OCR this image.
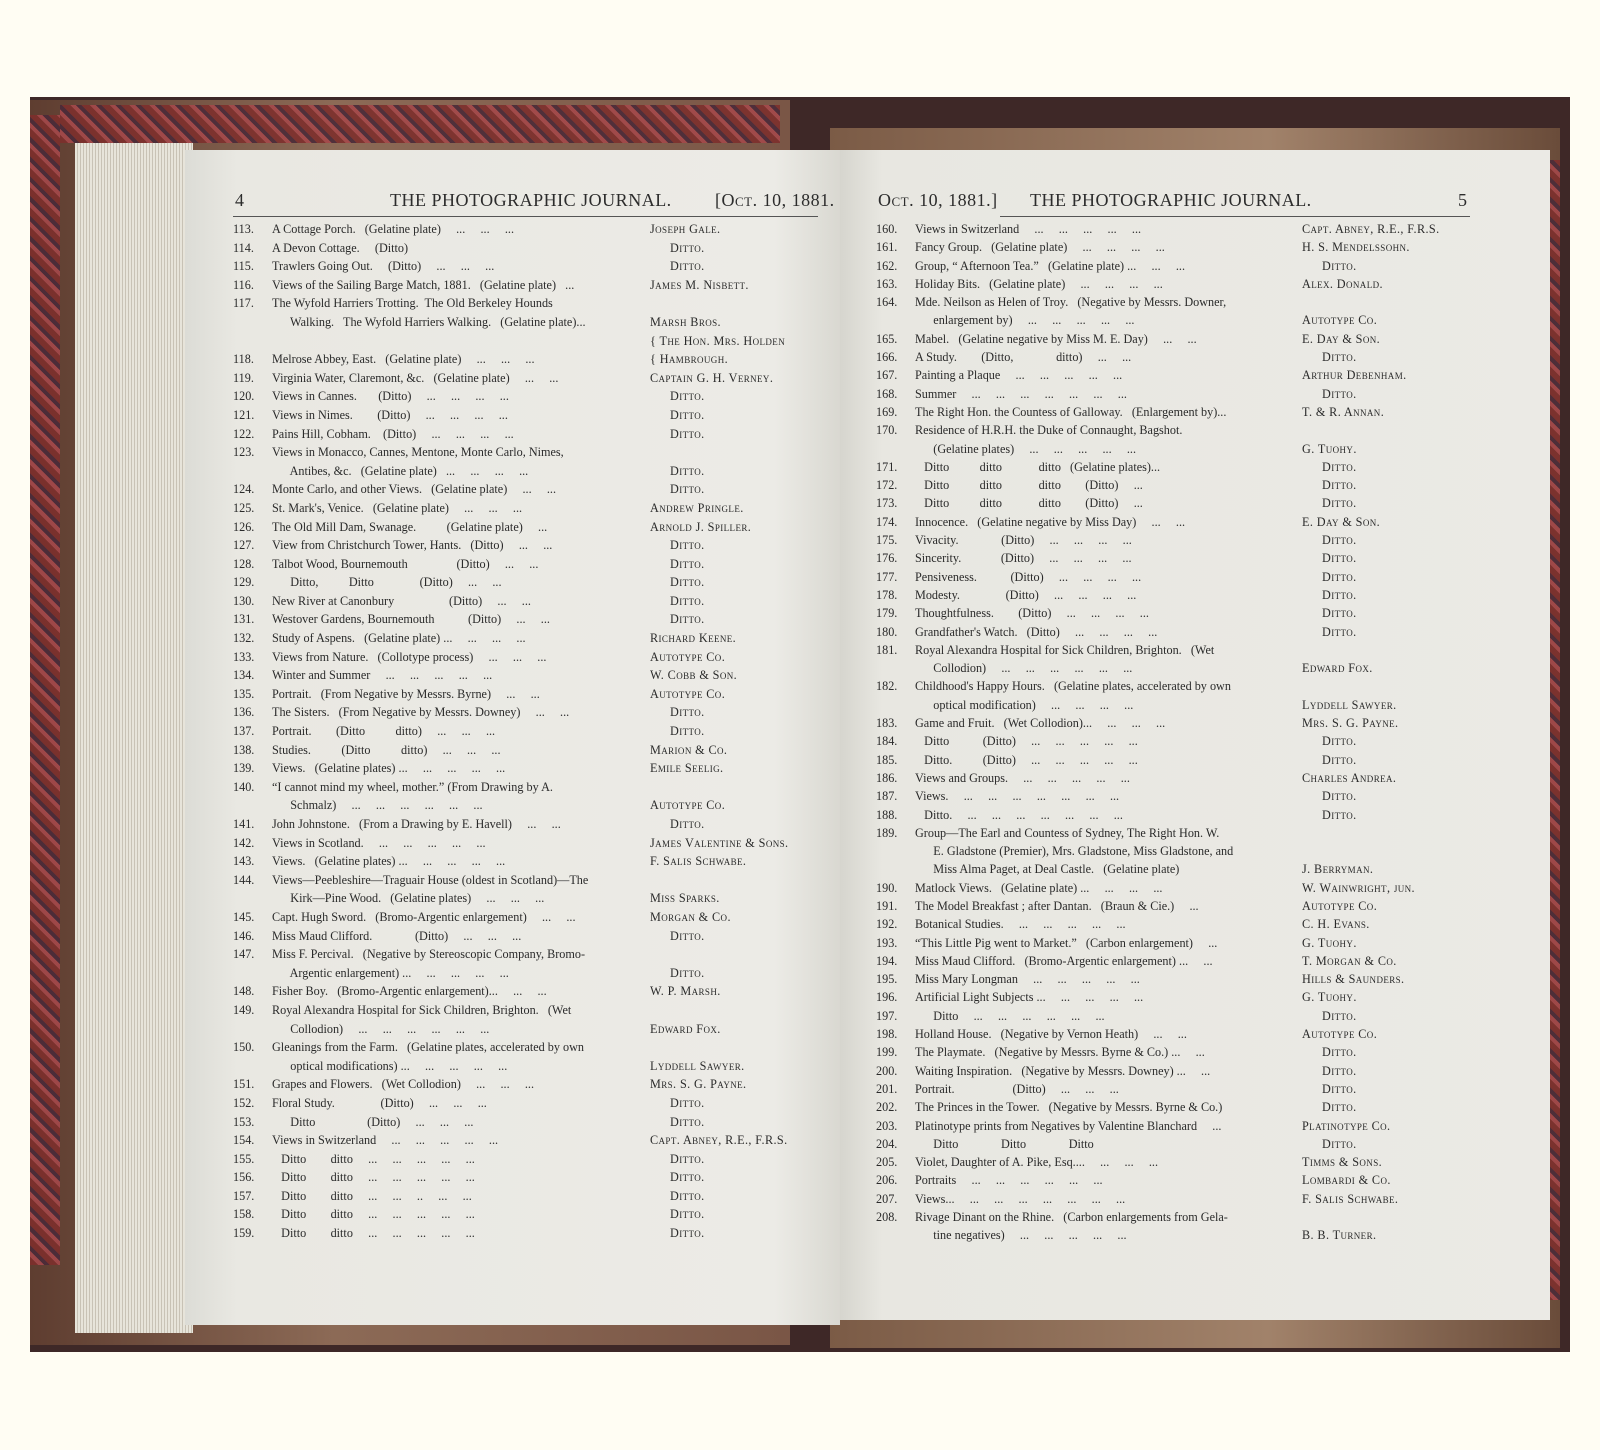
4	THE PHOTOGRAPHIC JOURNAL. [Oct. 10, 1881.
113.	A Cottage Porch.   (Gelatine plate)     ...     ...     ...	Joseph Gale.
114.	A Devon Cottage.     (Ditto)	Ditto.
115.	Trawlers Going Out.     (Ditto)     ...     ...     ...	Ditto.
116.	Views of the Sailing Barge Match, 1881.   (Gelatine plate)   ...	James M. Nisbett.
117.	The Wyfold Harriers Trotting.  The Old Berkeley Hounds
Walking.   The Wyfold Harriers Walking.   (Gelatine plate)...	Marsh Bros.
{ The Hon. Mrs. Holden
118.	Melrose Abbey, East.   (Gelatine plate)     ...     ...     ...	{ Hambrough.
119.	Virginia Water, Claremont, &c.   (Gelatine plate)     ...     ...	Captain G. H. Verney.
120.	Views in Cannes.       (Ditto)     ...     ...     ...     ...	Ditto.
121.	Views in Nimes.        (Ditto)     ...     ...     ...     ...	Ditto.
122.	Pains Hill, Cobham.    (Ditto)     ...     ...     ...     ...	Ditto.
123.	Views in Monacco, Cannes, Mentone, Monte Carlo, Nimes,
Antibes, &c.   (Gelatine plate)   ...     ...     ...     ...	Ditto.
124.	Monte Carlo, and other Views.   (Gelatine plate)     ...     ...	Ditto.
125.	St. Mark's, Venice.   (Gelatine plate)     ...     ...     ...	Andrew Pringle.
126.	The Old Mill Dam, Swanage.          (Gelatine plate)     ...	Arnold J. Spiller.
127.	View from Christchurch Tower, Hants.   (Ditto)     ...     ...	Ditto.
128.	Talbot Wood, Bournemouth                (Ditto)     ...     ...	Ditto.
129.	Ditto,          Ditto               (Ditto)     ...     ...	Ditto.
130.	New River at Canonbury                  (Ditto)     ...     ...	Ditto.
131.	Westover Gardens, Bournemouth           (Ditto)     ...     ...	Ditto.
132.	Study of Aspens.   (Gelatine plate) ...     ...     ...     ...	Richard Keene.
133.	Views from Nature.   (Collotype process)     ...     ...     ...	Autotype Co.
134.	Winter and Summer     ...     ...     ...     ...     ...	W. Cobb & Son.
135.	Portrait.   (From Negative by Messrs. Byrne)     ...     ...	Autotype Co.
136.	The Sisters.   (From Negative by Messrs. Downey)     ...     ...	Ditto.
137.	Portrait.        (Ditto          ditto)     ...     ...     ...	Ditto.
138.	Studies.          (Ditto          ditto)     ...     ...     ...	Marion & Co.
139.	Views.   (Gelatine plates) ...     ...     ...     ...     ...	Emile Seelig.
140.	“I cannot mind my wheel, mother.” (From Drawing by A.
Schmalz)     ...     ...     ...     ...     ...     ...	Autotype Co.
141.	John Johnstone.   (From a Drawing by E. Havell)     ...     ...	Ditto.
142.	Views in Scotland.     ...     ...     ...     ...     ...	James Valentine & Sons.
143.	Views.   (Gelatine plates) ...     ...     ...     ...     ...	F. Salis Schwabe.
144.	Views—Peebleshire—Traguair House (oldest in Scotland)—The
Kirk—Pine Wood.   (Gelatine plates)     ...     ...     ...	Miss Sparks.
145.	Capt. Hugh Sword.   (Bromo-Argentic enlargement)     ...     ...	Morgan & Co.
146.	Miss Maud Clifford.              (Ditto)     ...     ...     ...	Ditto.
147.	Miss F. Percival.   (Negative by Stereoscopic Company, Bromo-
Argentic enlargement) ...     ...     ...     ...     ...	Ditto.
148.	Fisher Boy.   (Bromo-Argentic enlargement)...     ...     ...	W. P. Marsh.
149.	Royal Alexandra Hospital for Sick Children, Brighton.   (Wet
Collodion)     ...     ...     ...     ...     ...     ...	Edward Fox.
150.	Gleanings from the Farm.   (Gelatine plates, accelerated by own
optical modifications) ...     ...     ...     ...     ...	Lyddell Sawyer.
151.	Grapes and Flowers.   (Wet Collodion)     ...     ...     ...	Mrs. S. G. Payne.
152.	Floral Study.               (Ditto)     ...     ...     ...	Ditto.
153.	Ditto                 (Ditto)     ...     ...     ...	Ditto.
154.	Views in Switzerland     ...     ...     ...     ...     ...	Capt. Abney, R.E., F.R.S.
155.	Ditto        ditto     ...     ...     ...     ...     ...	Ditto.
156.	Ditto        ditto     ...     ...     ...     ...     ...	Ditto.
157.	Ditto        ditto     ...     ...     ..     ...     ...	Ditto.
158.	Ditto        ditto     ...     ...     ...     ...     ...	Ditto.
159.	Ditto        ditto     ...     ...     ...     ...     ...	Ditto.
Oct. 10, 1881.] THE PHOTOGRAPHIC JOURNAL.	5
160.	Views in Switzerland     ...     ...     ...     ...     ...	Capt. Abney, R.E., F.R.S.
161.	Fancy Group.   (Gelatine plate)     ...     ...     ...     ...	H. S. Mendelssohn.
162.	Group, “ Afternoon Tea.”   (Gelatine plate) ...     ...     ...	Ditto.
163.	Holiday Bits.   (Gelatine plate)     ...     ...     ...     ...	Alex. Donald.
164.	Mde. Neilson as Helen of Troy.   (Negative by Messrs. Downer,
enlargement by)     ...     ...     ...     ...     ...	Autotype Co.
165.	Mabel.   (Gelatine negative by Miss M. E. Day)     ...     ...	E. Day & Son.
166.	A Study.        (Ditto,              ditto)     ...     ...	Ditto.
167.	Painting a Plaque     ...     ...     ...     ...     ...	Arthur Debenham.
168.	Summer     ...     ...     ...     ...     ...     ...     ...	Ditto.
169.	The Right Hon. the Countess of Galloway.   (Enlargement by)...	T. & R. Annan.
170.	Residence of H.R.H. the Duke of Connaught, Bagshot.
(Gelatine plates)     ...     ...     ...     ...     ...	G. Tuohy.
171.	Ditto          ditto            ditto   (Gelatine plates)...	Ditto.
172.	Ditto          ditto            ditto        (Ditto)     ...	Ditto.
173.	Ditto          ditto            ditto        (Ditto)     ...	Ditto.
174.	Innocence.   (Gelatine negative by Miss Day)     ...     ...	E. Day & Son.
175.	Vivacity.              (Ditto)     ...     ...     ...     ...	Ditto.
176.	Sincerity.             (Ditto)     ...     ...     ...     ...	Ditto.
177.	Pensiveness.           (Ditto)     ...     ...     ...     ...	Ditto.
178.	Modesty.               (Ditto)     ...     ...     ...     ...	Ditto.
179.	Thoughtfulness.        (Ditto)     ...     ...     ...     ...	Ditto.
180.	Grandfather's Watch.   (Ditto)     ...     ...     ...     ...	Ditto.
181.	Royal Alexandra Hospital for Sick Children, Brighton.   (Wet
Collodion)     ...     ...     ...     ...     ...     ...	Edward Fox.
182.	Childhood's Happy Hours.   (Gelatine plates, accelerated by own
optical modification)     ...     ...     ...     ...	Lyddell Sawyer.
183.	Game and Fruit.   (Wet Collodion)...     ...     ...     ...	Mrs. S. G. Payne.
184.	Ditto           (Ditto)     ...     ...     ...     ...     ...	Ditto.
185.	Ditto.          (Ditto)     ...     ...     ...     ...     ...	Ditto.
186.	Views and Groups.     ...     ...     ...     ...     ...	Charles Andrea.
187.	Views.     ...     ...     ...     ...     ...     ...     ...	Ditto.
188.	Ditto.     ...     ...     ...     ...     ...     ...     ...	Ditto.
189.	Group—The Earl and Countess of Sydney, The Right Hon. W.
E. Gladstone (Premier), Mrs. Gladstone, Miss Gladstone, and
Miss Alma Paget, at Deal Castle.   (Gelatine plate)	J. Berryman.
190.	Matlock Views.   (Gelatine plate) ...     ...     ...     ...	W. Wainwright, jun.
191.	The Model Breakfast ; after Dantan.   (Braun & Cie.)     ...	Autotype Co.
192.	Botanical Studies.     ...     ...     ...     ...     ...	C. H. Evans.
193.	“This Little Pig went to Market.”   (Carbon enlargement)     ...	G. Tuohy.
194.	Miss Maud Clifford.   (Bromo-Argentic enlargement) ...     ...	T. Morgan & Co.
195.	Miss Mary Longman     ...     ...     ...     ...     ...	Hills & Saunders.
196.	Artificial Light Subjects ...     ...     ...     ...     ...	G. Tuohy.
197.	Ditto     ...     ...     ...     ...     ...     ...	Ditto.
198.	Holland House.   (Negative by Vernon Heath)     ...     ...	Autotype Co.
199.	The Playmate.   (Negative by Messrs. Byrne & Co.) ...     ...	Ditto.
200.	Waiting Inspiration.   (Negative by Messrs. Downey) ...     ...	Ditto.
201.	Portrait.                   (Ditto)     ...     ...     ...	Ditto.
202.	The Princes in the Tower.   (Negative by Messrs. Byrne & Co.)	Ditto.
203.	Platinotype prints from Negatives by Valentine Blanchard     ...	Platinotype Co.
204.	Ditto              Ditto              Ditto	Ditto.
205.	Violet, Daughter of A. Pike, Esq....     ...     ...     ...	Timms & Sons.
206.	Portraits     ...     ...     ...     ...     ...     ...	Lombardi & Co.
207.	Views...     ...     ...     ...     ...     ...     ...     ...	F. Salis Schwabe.
208.	Rivage Dinant on the Rhine.   (Carbon enlargements from Gela-
tine negatives)     ...     ...     ...     ...     ...	B. B. Turner.
